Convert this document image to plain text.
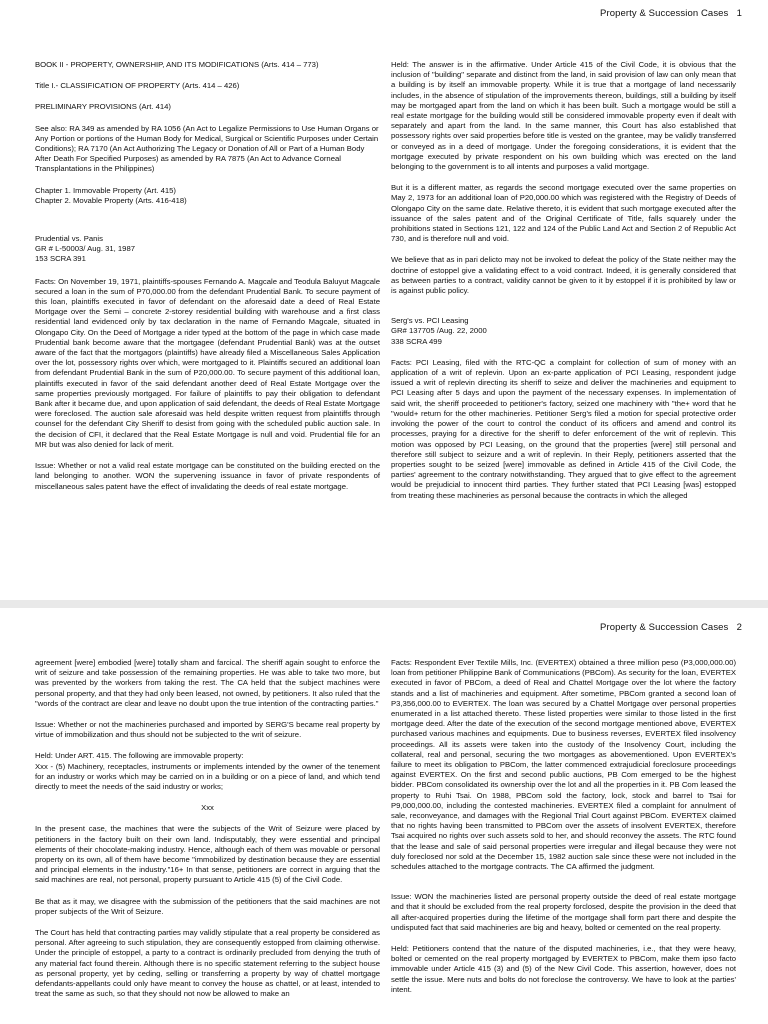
Property & Succession Cases   1

BOOK II - PROPERTY, OWNERSHIP, AND ITS MODIFICATIONS (Arts. 414 – 773)

Title I.- CLASSIFICATION OF PROPERTY (Arts. 414 – 426)

PRELIMINARY PROVISIONS (Art. 414)

See also: RA 349 as amended by RA 1056 (An Act to Legalize Permissions to Use Human Organs or Any Portion or portions of the Human Body for Medical, Surgical or Scientific Purposes under Certain Conditions); RA 7170 (An Act Authorizing The Legacy or Donation of All or Part of a Human Body After Death For Specified Purposes) as amended by RA 7875 (An Act to Advance Corneal Transplantations in the Philippines)

Chapter 1. Immovable Property (Art. 415)
Chapter 2. Movable Property (Arts. 416-418)

Prudential vs. Panis
GR # L-50003/ Aug. 31, 1987
153 SCRA 391

Facts: On November 19, 1971, plaintiffs-spouses Fernando A. Magcale and Teodula Baluyut Magcale secured a loan in the sum of P70,000.00 from the defendant Prudential Bank. To secure payment of this loan, plaintiffs executed in favor of defendant on the aforesaid date a deed of Real Estate Mortgage over the Semi – concrete 2-storey residential building with warehouse and a first class residential land evidenced only by tax declaration in the name of Fernando Magcale, situated in Olongapo City. On the Deed of Mortgage a rider typed at the bottom of the page in which case made Prudential bank become aware that the mortgagee (defendant Prudential Bank) was at the outset aware of the fact that the mortgagors (plaintiffs) have already filed a Miscellaneous Sales Application over the lot, possessory rights over which, were mortgaged to it. Plaintiffs secured an additional loan from defendant Prudential Bank in the sum of P20,000.00. To secure payment of this additional loan, plaintiffs executed in favor of the said defendant another deed of Real Estate Mortgage over the same properties previously mortgaged. For failure of plaintiffs to pay their obligation to defendant Bank after it became due, and upon application of said defendant, the deeds of Real Estate Mortgage were foreclosed. The auction sale aforesaid was held despite written request from plaintiffs through counsel for the defendant City Sheriff to desist from going with the scheduled public auction sale. In the decision of CFI, it declared that the Real Estate Mortgage is null and void. Prudential file for an MR but was also denied for lack of merit.

Issue: Whether or not a valid real estate mortgage can be constituted on the building erected on the land belonging to another. WON the supervening issuance in favor of private respondents of miscellaneous sales patent have the effect of invalidating the deeds of real estate mortgage.

Held: The answer is in the affirmative. Under Article 415 of the Civil Code, it is obvious that the inclusion of "building" separate and distinct from the land, in said provision of law can only mean that a building is by itself an immovable property. While it is true that a mortgage of land necessarily includes, in the absence of stipulation of the improvements thereon, buildings, still a building by itself may be mortgaged apart from the land on which it has been built. Such a mortgage would be still a real estate mortgage for the building would still be considered immovable property even if dealt with separately and apart from the land. In the same manner, this Court has also established that possessory rights over said properties before title is vested on the grantee, may be validly transferred or conveyed as in a deed of mortgage. Under the foregoing considerations, it is evident that the mortgage executed by private respondent on his own building which was erected on the land belonging to the government is to all intents and purposes a valid mortgage.

But it is a different matter, as regards the second mortgage executed over the same properties on May 2, 1973 for an additional loan of P20,000.00 which was registered with the Registry of Deeds of Olongapo City on the same date. Relative thereto, it is evident that such mortgage executed after the issuance of the sales patent and of the Original Certificate of Title, falls squarely under the prohibitions stated in Sections 121, 122 and 124 of the Public Land Act and Section 2 of Republic Act 730, and is therefore null and void.

We believe that as in pari delicto may not be invoked to defeat the policy of the State neither may the doctrine of estoppel give a validating effect to a void contract. Indeed, it is generally considered that as between parties to a contract, validity cannot be given to it by estoppel if it is prohibited by law or is against public policy.

Serg's vs. PCI Leasing
GR# 137705 /Aug. 22, 2000
338 SCRA 499

Facts: PCI Leasing, filed with the RTC-QC a complaint for collection of sum of money with an application of a writ of replevin. Upon an ex-parte application of PCI Leasing, respondent judge issued a writ of replevin directing its sheriff to seize and deliver the machineries and equipment to PCI Leasing after 5 days and upon the payment of the necessary expenses. In implementation of said writ, the sheriff proceeded to petitioner's factory, seized one machinery with "the+ word that he "would+ return for the other machineries. Petitioner Serg's filed a motion for special protective order invoking the power of the court to control the conduct of its officers and amend and control its processes, praying for a directive for the sheriff to defer enforcement of the writ of replevin. This motion was opposed by PCI Leasing, on the ground that the properties [were] still personal and therefore still subject to seizure and a writ of replevin. In their Reply, petitioners asserted that the properties sought to be seized [were] immovable as defined in Article 415 of the Civil Code, the parties' agreement to the contrary notwithstanding. They argued that to give effect to the agreement would be prejudicial to innocent third parties. They further stated that PCI Leasing [was] estopped from treating these machineries as personal because the contracts in which the alleged

Property & Succession Cases   2

agreement [were] embodied [were] totally sham and farcical. The sheriff again sought to enforce the writ of seizure and take possession of the remaining properties. He was able to take two more, but was prevented by the workers from taking the rest. The CA held that the subject machines were personal property, and that they had only been leased, not owned, by petitioners. It also ruled that the "words of the contract are clear and leave no doubt upon the true intention of the contracting parties."

Issue: Whether or not the machineries purchased and imported by SERG'S became real property by virtue of immobilization and thus should not be subjected to the writ of seizure.

Held: Under ART. 415. The following are immovable property:
Xxx - (5) Machinery, receptacles, instruments or implements intended by the owner of the tenement for an industry or works which may be carried on in a building or on a piece of land, and which tend directly to meet the needs of the said industry or works;

Xxx

In the present case, the machines that were the subjects of the Writ of Seizure were placed by petitioners in the factory built on their own land. Indisputably, they were essential and principal elements of their chocolate-making industry. Hence, although each of them was movable or personal property on its own, all of them have become "immobilized by destination because they are essential and principal elements in the industry."16+ In that sense, petitioners are correct in arguing that the said machines are real, not personal, property pursuant to Article 415 (5) of the Civil Code.

Be that as it may, we disagree with the submission of the petitioners that the said machines are not proper subjects of the Writ of Seizure.

The Court has held that contracting parties may validly stipulate that a real property be considered as personal. After agreeing to such stipulation, they are consequently estopped from claiming otherwise. Under the principle of estoppel, a party to a contract is ordinarily precluded from denying the truth of any material fact found therein. Although there is no specific statement referring to the subject house as personal property, yet by ceding, selling or transferring a property by way of chattel mortgage defendants-appellants could only have meant to convey the house as chattel, or at least, intended to treat the same as such, so that they should not now be allowed to make an

Facts: Respondent Ever Textile Mills, Inc. (EVERTEX) obtained a three million peso (P3,000,000.00) loan from petitioner Philippine Bank of Communications (PBCom). As security for the loan, EVERTEX executed in favor of PBCom, a deed of Real and Chattel Mortgage over the lot where the factory stands and a list of machineries and equipment. After sometime, PBCom granted a second loan of P3,356,000.00 to EVERTEX. The loan was secured by a Chattel Mortgage over personal properties enumerated in a list attached thereto. These listed properties were similar to those listed in the first mortgage deed. After the date of the execution of the second mortgage mentioned above, EVERTEX purchased various machines and equipments. Due to business reverses, EVERTEX filed insolvency proceedings. All its assets were taken into the custody of the Insolvency Court, including the collateral, real and personal, securing the two mortgages as abovementioned. Upon EVERTEX's failure to meet its obligation to PBCom, the latter commenced extrajudicial foreclosure proceedings against EVERTEX. On the first and second public auctions, PB Com emerged to be the highest bidder. PBCom consolidated its ownership over the lot and all the properties in it. PB Com leased the property to Ruhi Tsai. On 1988, PBCom sold the factory, lock, stock and barrel to Tsai for P9,000,000.00, including the contested machineries. EVERTEX filed a complaint for annulment of sale, reconveyance, and damages with the Regional Trial Court against PBCom. EVERTEX claimed that no rights having been transmitted to PBCom over the assets of insolvent EVERTEX, therefore Tsai acquired no rights over such assets sold to her, and should reconvey the assets. The RTC found that the lease and sale of said personal properties were irregular and illegal because they were not duly foreclosed nor sold at the December 15, 1982 auction sale since these were not included in the schedules attached to the mortgage contracts. The CA affirmed the judgment.

Issue: WON the machineries listed are personal property outside the deed of real estate mortgage and that it should be excluded from the real property forclosed, despite the provision in the deed that all after-acquired properties during the lifetime of the mortgage shall form part there and despite the undisputed fact that said machineries are big and heavy, bolted or cemented on the real property.

Held: Petitioners contend that the nature of the disputed machineries, i.e., that they were heavy, bolted or cemented on the real property mortgaged by EVERTEX to PBCom, make them ipso facto immovable under Article 415 (3) and (5) of the New Civil Code. This assertion, however, does not settle the issue. Mere nuts and bolts do not foreclose the controversy. We have to look at the parties' intent.
